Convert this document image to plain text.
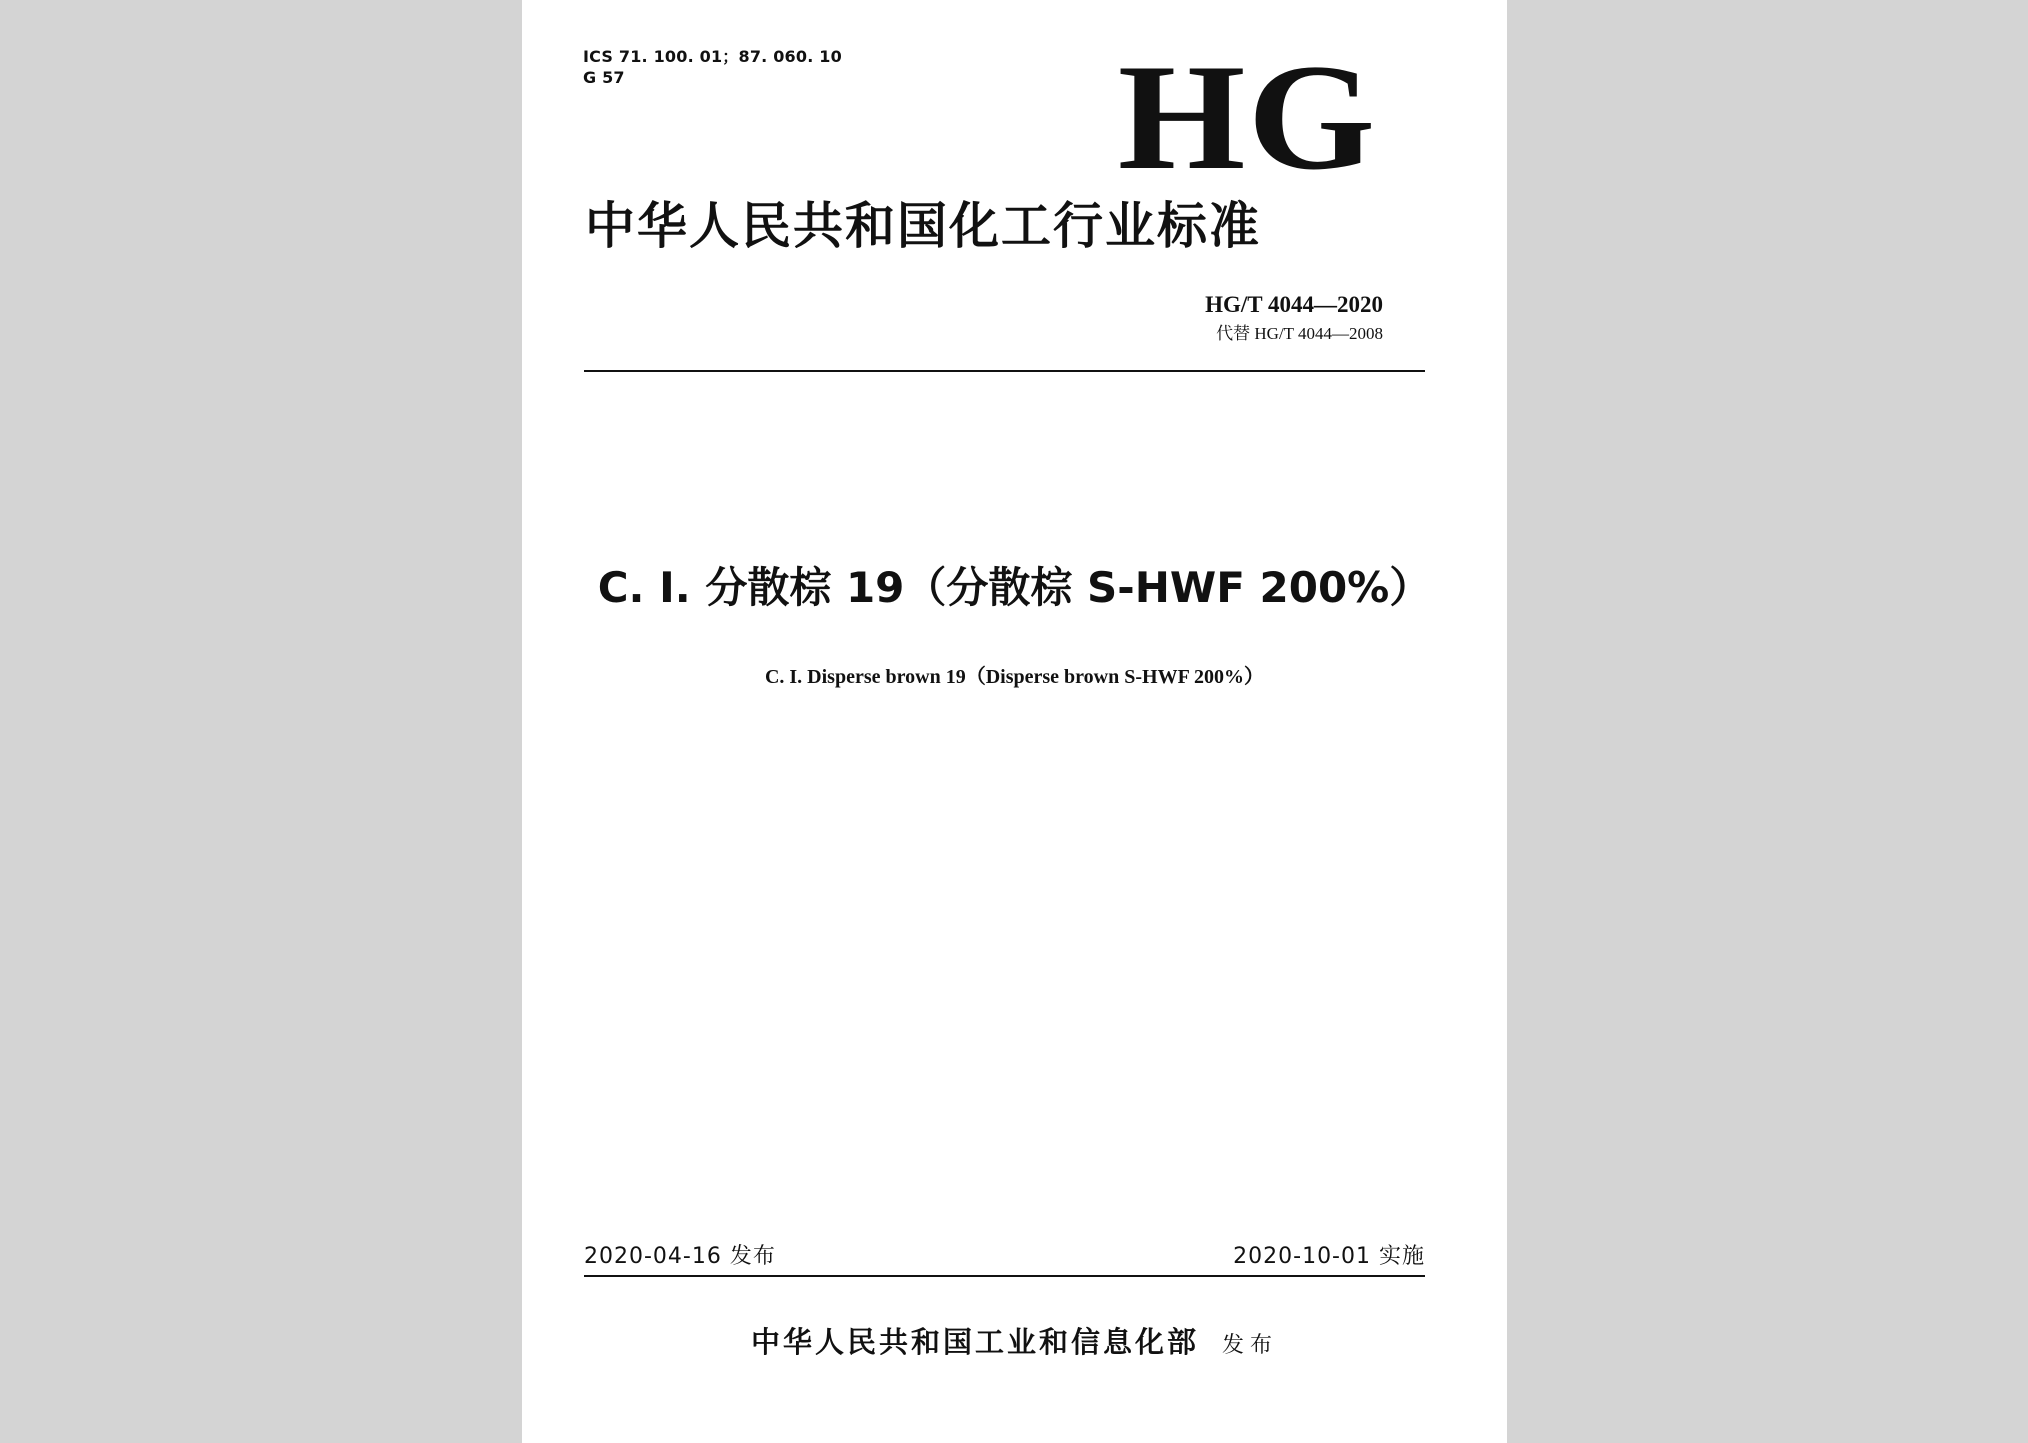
ICS 71. 100. 01；87. 060. 10
G 57	HG
中华人民共和国化工行业标准
HG/T 4044—2020
代替 HG/T 4044—2008
C. I. 分散棕 19（分散棕 S-HWF 200%）
C. I. Disperse brown 19（Disperse brown S-HWF 200%）
2020-04-16 发布	2020-10-01 实施
中华人民共和国工业和信息化部 发布
